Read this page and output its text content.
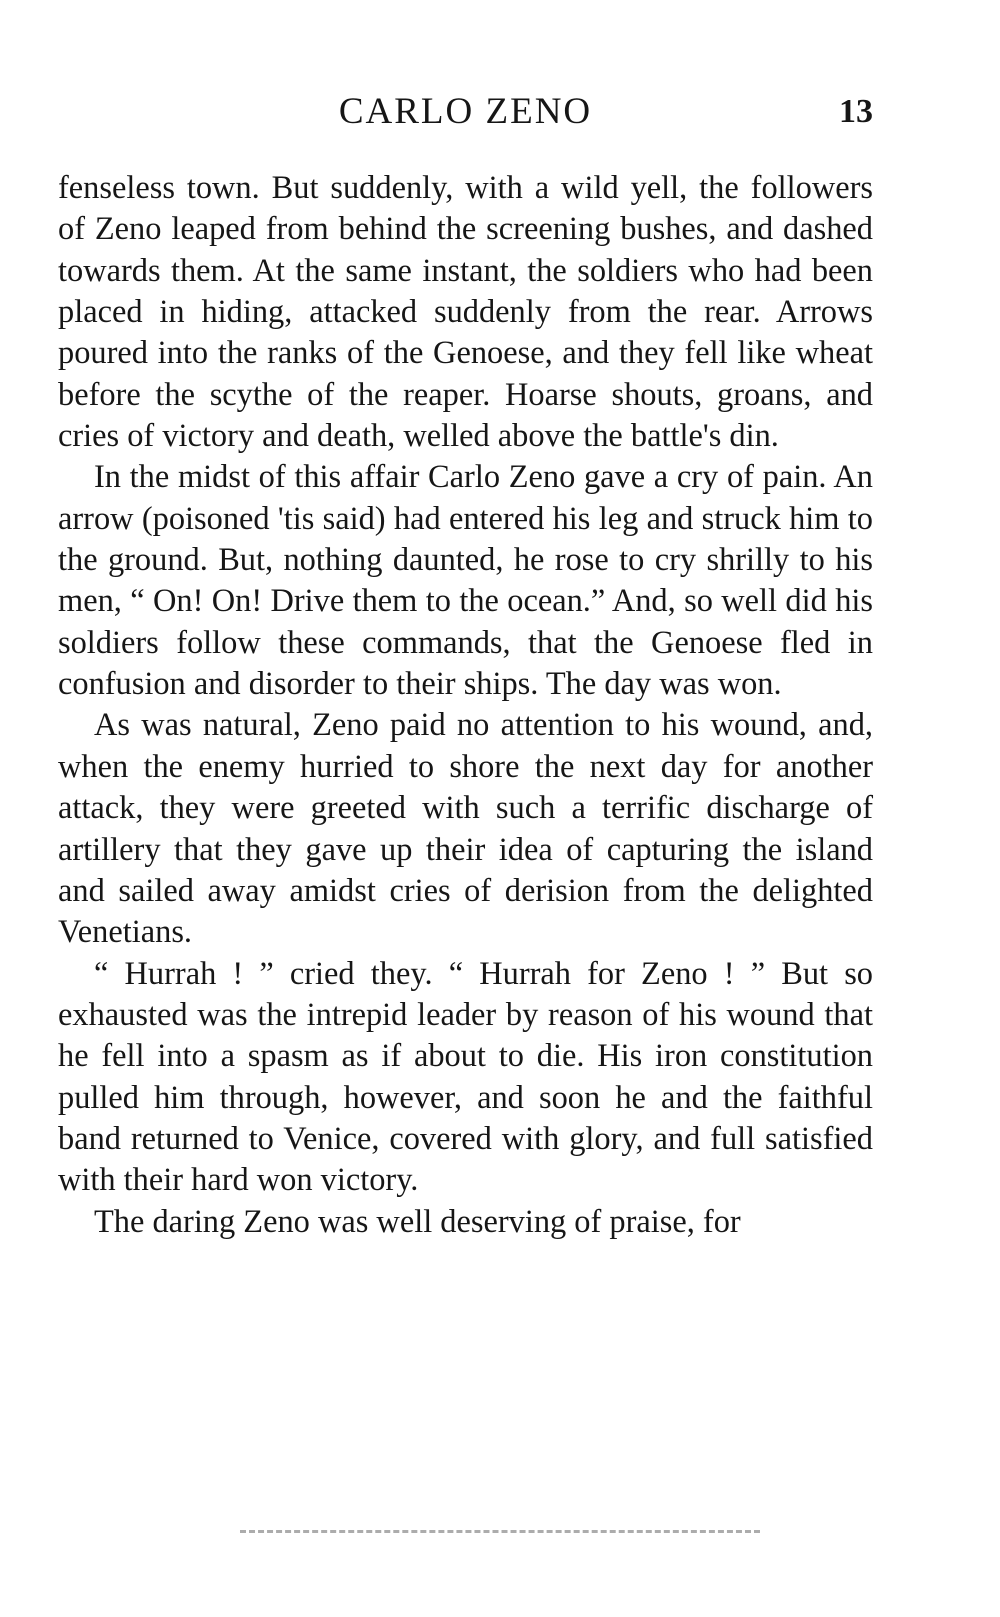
CARLO ZENO	13

fenseless town. But suddenly, with a wild yell, the followers of Zeno leaped from behind the screening bushes, and dashed towards them. At the same instant, the soldiers who had been placed in hiding, attacked suddenly from the rear. Arrows poured into the ranks of the Genoese, and they fell like wheat before the scythe of the reaper. Hoarse shouts, groans, and cries of victory and death, welled above the battle's din.

In the midst of this affair Carlo Zeno gave a cry of pain. An arrow (poisoned 'tis said) had entered his leg and struck him to the ground. But, nothing daunted, he rose to cry shrilly to his men, “ On! On! Drive them to the ocean.” And, so well did his soldiers follow these commands, that the Genoese fled in confusion and disorder to their ships. The day was won.

As was natural, Zeno paid no attention to his wound, and, when the enemy hurried to shore the next day for another attack, they were greeted with such a terrific discharge of artillery that they gave up their idea of capturing the island and sailed away amidst cries of derision from the delighted Venetians.

“ Hurrah ! ” cried they. “ Hurrah for Zeno ! ” But so exhausted was the intrepid leader by reason of his wound that he fell into a spasm as if about to die. His iron constitution pulled him through, however, and soon he and the faithful band returned to Venice, covered with glory, and full satisfied with their hard won victory.

The daring Zeno was well deserving of praise, for
